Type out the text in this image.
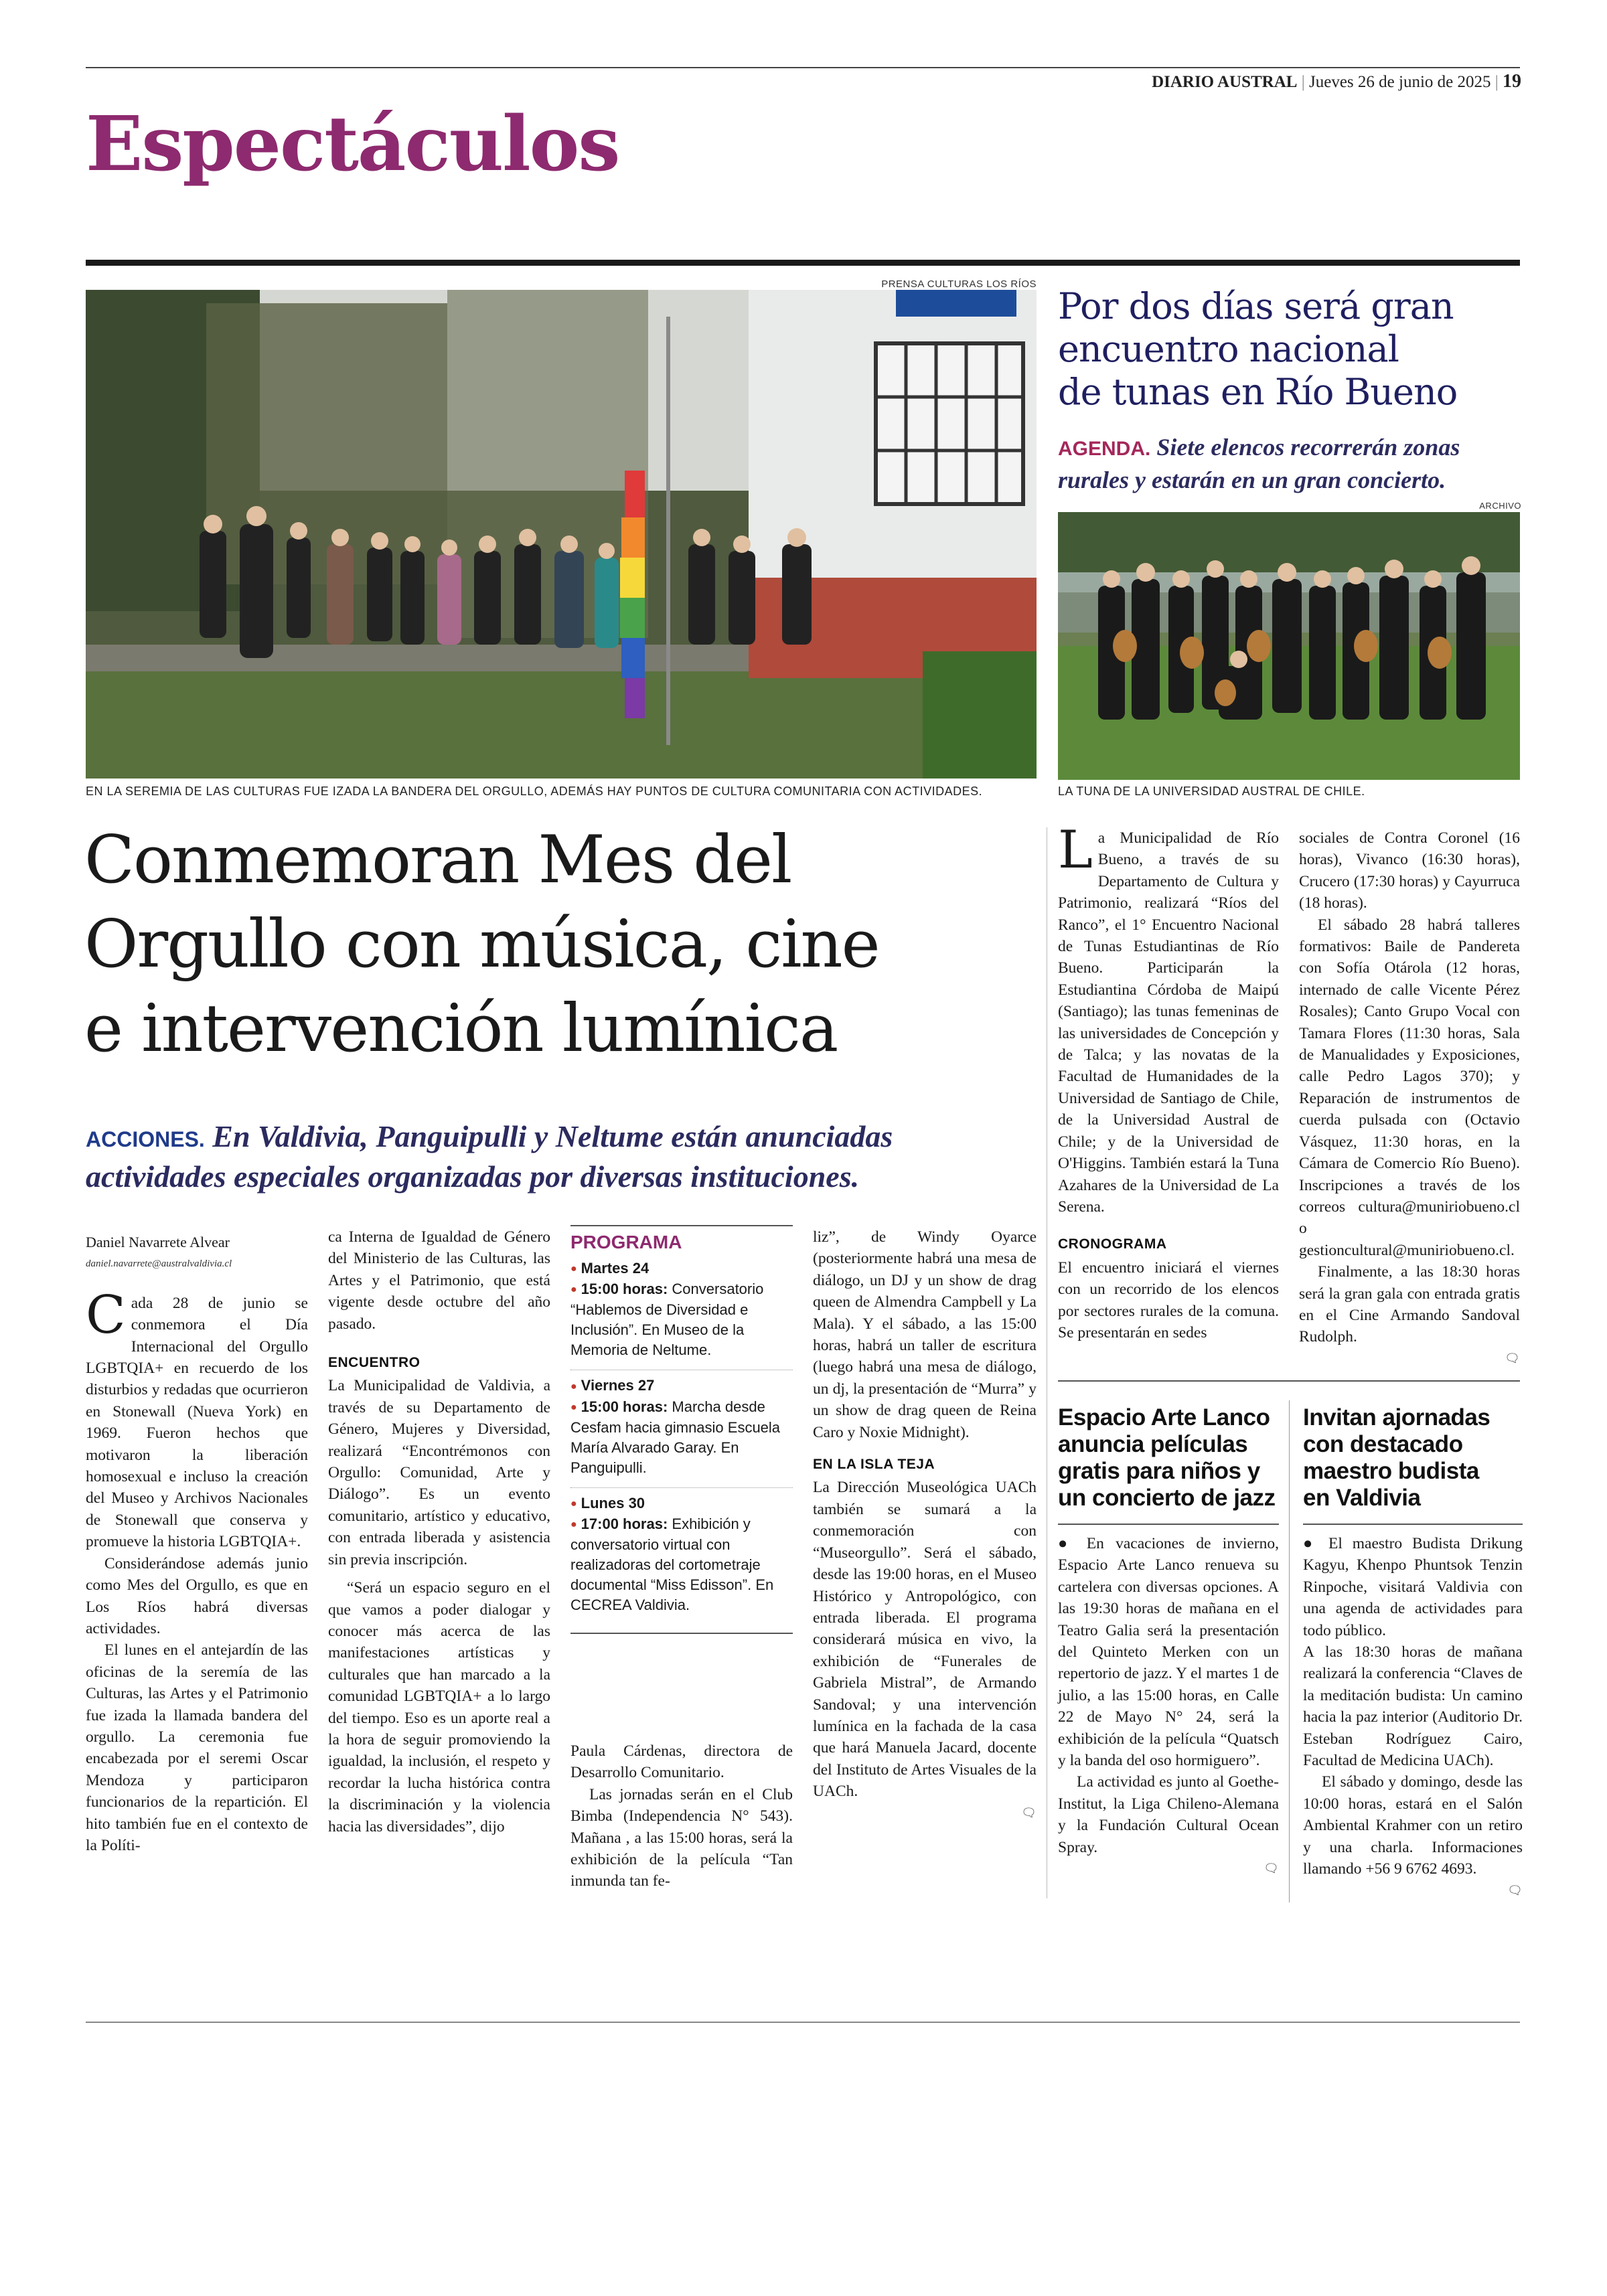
DIARIO AUSTRAL | Jueves 26 de junio de 2025 | 19
Espectáculos
PRENSA CULTURAS LOS RÍOS
EN LA SEREMIA DE LAS CULTURAS FUE IZADA LA BANDERA DEL ORGULLO, ADEMÁS HAY PUNTOS DE CULTURA COMUNITARIA CON ACTIVIDADES.
Conmemoran Mes del
Orgullo con música, cine
e intervención lumínica
ACCIONES. En Valdivia, Panguipulli y Neltume están anunciadas
actividades especiales organizadas por diversas instituciones.
Daniel Navarrete Alvear
daniel.navarrete@australvaldivia.cl

Cada 28 de junio se conmemora el Día Internacional del Orgullo LGBTQIA+ en recuerdo de los disturbios y redadas que ocurrieron en Stonewall (Nueva York) en 1969. Fueron hechos que motivaron la liberación homosexual e incluso la creación del Museo y Archivos Nacionales de Stonewall que conserva y promueve la historia LGBTQIA+.

Considerándose además junio como Mes del Orgullo, es que en Los Ríos habrá diversas actividades.

El lunes en el antejardín de las oficinas de la seremía de las Culturas, las Artes y el Patrimonio fue izada la llamada bandera del orgullo. La ceremonia fue encabezada por el seremi Oscar Mendoza y participaron funcionarios de la repartición. El hito también fue en el contexto de la Políti-

ca Interna de Igualdad de Género del Ministerio de las Culturas, las Artes y el Patrimonio, que está vigente desde octubre del año pasado.

ENCUENTRO

La Municipalidad de Valdivia, a través de su Departamento de Género, Mujeres y Diversidad, realizará “Encontrémonos con Orgullo: Comunidad, Arte y Diálogo”. Es un evento comunitario, artístico y educativo, con entrada liberada y asistencia sin previa inscripción.

“Será un espacio seguro en el que vamos a poder dialogar y conocer más acerca de las manifestaciones artísticas y culturales que han marcado a la comunidad LGBTQIA+ a lo largo del tiempo. Eso es un aporte real a la hora de seguir promoviendo la igualdad, la inclusión, el respeto y recordar la lucha histórica contra la discriminación y la violencia hacia las diversidades”, dijo

PROGRAMA
● Martes 24
● 15:00 horas: Conversatorio “Hablemos de Diversidad e Inclusión”. En Museo de la Memoria de Neltume.
● Viernes 27
● 15:00 horas: Marcha desde Cesfam hacia gimnasio Escuela María Alvarado Garay. En Panguipulli.
● Lunes 30
● 17:00 horas: Exhibición y conversatorio virtual con realizadoras del cortometraje documental “Miss Edisson”. En CECREA Valdivia.

Paula Cárdenas, directora de Desarrollo Comunitario.

Las jornadas serán en el Club Bimba (Independencia N° 543). Mañana , a las 15:00 horas, será la exhibición de la película “Tan inmunda tan fe-

liz”, de Windy Oyarce (posteriormente habrá una mesa de diálogo, un DJ y un show de drag queen de Almendra Campbell y La Mala). Y el sábado, a las 15:00 horas, habrá un taller de escritura (luego habrá una mesa de diálogo, un dj, la presentación de “Murra” y un show de drag queen de Reina Caro y Noxie Midnight).

EN LA ISLA TEJA

La Dirección Museológica UACh también se sumará a la conmemoración con “Museorgullo”. Será el sábado, desde las 19:00 horas, en el Museo Histórico y Antropológico, con entrada liberada. El programa considerará música en vivo, la exhibición de “Funerales de Gabriela Mistral”, de Armando Sandoval; y una intervención lumínica en la fachada de la casa que hará Manuela Jacard, docente del Instituto de Artes Visuales de la UACh.

🗨
Por dos días será gran
encuentro nacional
de tunas en Río Bueno
AGENDA. Siete elencos recorrerán zonas
rurales y estarán en un gran concierto.
ARCHIVO
LA TUNA DE LA UNIVERSIDAD AUSTRAL DE CHILE.

La Municipalidad de Río Bueno, a través de su Departamento de Cultura y Patrimonio, realizará “Ríos del Ranco”, el 1° Encuentro Nacional de Tunas Estudiantinas de Río Bueno. Participarán la Estudiantina Córdoba de Maipú (Santiago); las tunas femeninas de las universidades de Concepción y de Talca; y las novatas de la Facultad de Humanidades de la Universidad de Santiago de Chile, de la Universidad Austral de Chile; y de la Universidad de O'Higgins. También estará la Tuna Azahares de la Universidad de La Serena.

CRONOGRAMA

El encuentro iniciará el viernes con un recorrido de los elencos por sectores rurales de la comuna. Se presentarán en sedes

sociales de Contra Coronel (16 horas), Vivanco (16:30 horas), Crucero (17:30 horas) y Cayurruca (18 horas).

El sábado 28 habrá talleres formativos: Baile de Pandereta con Sofía Otárola (12 horas, internado de calle Vicente Pérez Rosales); Canto Grupo Vocal con Tamara Flores (11:30 horas, Sala de Manualidades y Exposiciones, calle Pedro Lagos 370); y Reparación de instrumentos de cuerda pulsada con (Octavio Vásquez, 11:30 horas, en la Cámara de Comercio Río Bueno). Inscripciones a través de los correos cultura@muniriobueno.cl o gestioncultural@muniriobueno.cl.

Finalmente, a las 18:30 horas será la gran gala con entrada gratis en el Cine Armando Sandoval Rudolph.

🗨
Espacio Arte Lanco
anuncia películas
gratis para niños y
un concierto de jazz

● En vacaciones de invierno, Espacio Arte Lanco renueva su cartelera con diversas opciones. A las 19:30 horas de mañana en el Teatro Galia será la presentación del Quinteto Merken con un repertorio de jazz. Y el martes 1 de julio, a las 15:00 horas, en Calle 22 de Mayo N° 24, será la exhibición de la película “Quatsch y la banda del oso hormiguero”.

La actividad es junto al Goethe-Institut, la Liga Chileno-Alemana y la Fundación Cultural Ocean Spray.

🗨
Invitan ajornadas
con destacado
maestro budista
en Valdivia

● El maestro Budista Drikung Kagyu, Khenpo Phuntsok Tenzin Rinpoche, visitará Valdivia con una agenda de actividades para todo público.

A las 18:30 horas de mañana realizará la conferencia “Claves de la meditación budista: Un camino hacia la paz interior (Auditorio Dr. Esteban Rodríguez Cairo, Facultad de Medicina UACh).

El sábado y domingo, desde las 10:00 horas, estará en el Salón Ambiental Krahmer con un retiro y una charla. Informaciones llamando +56 9 6762 4693.

🗨
